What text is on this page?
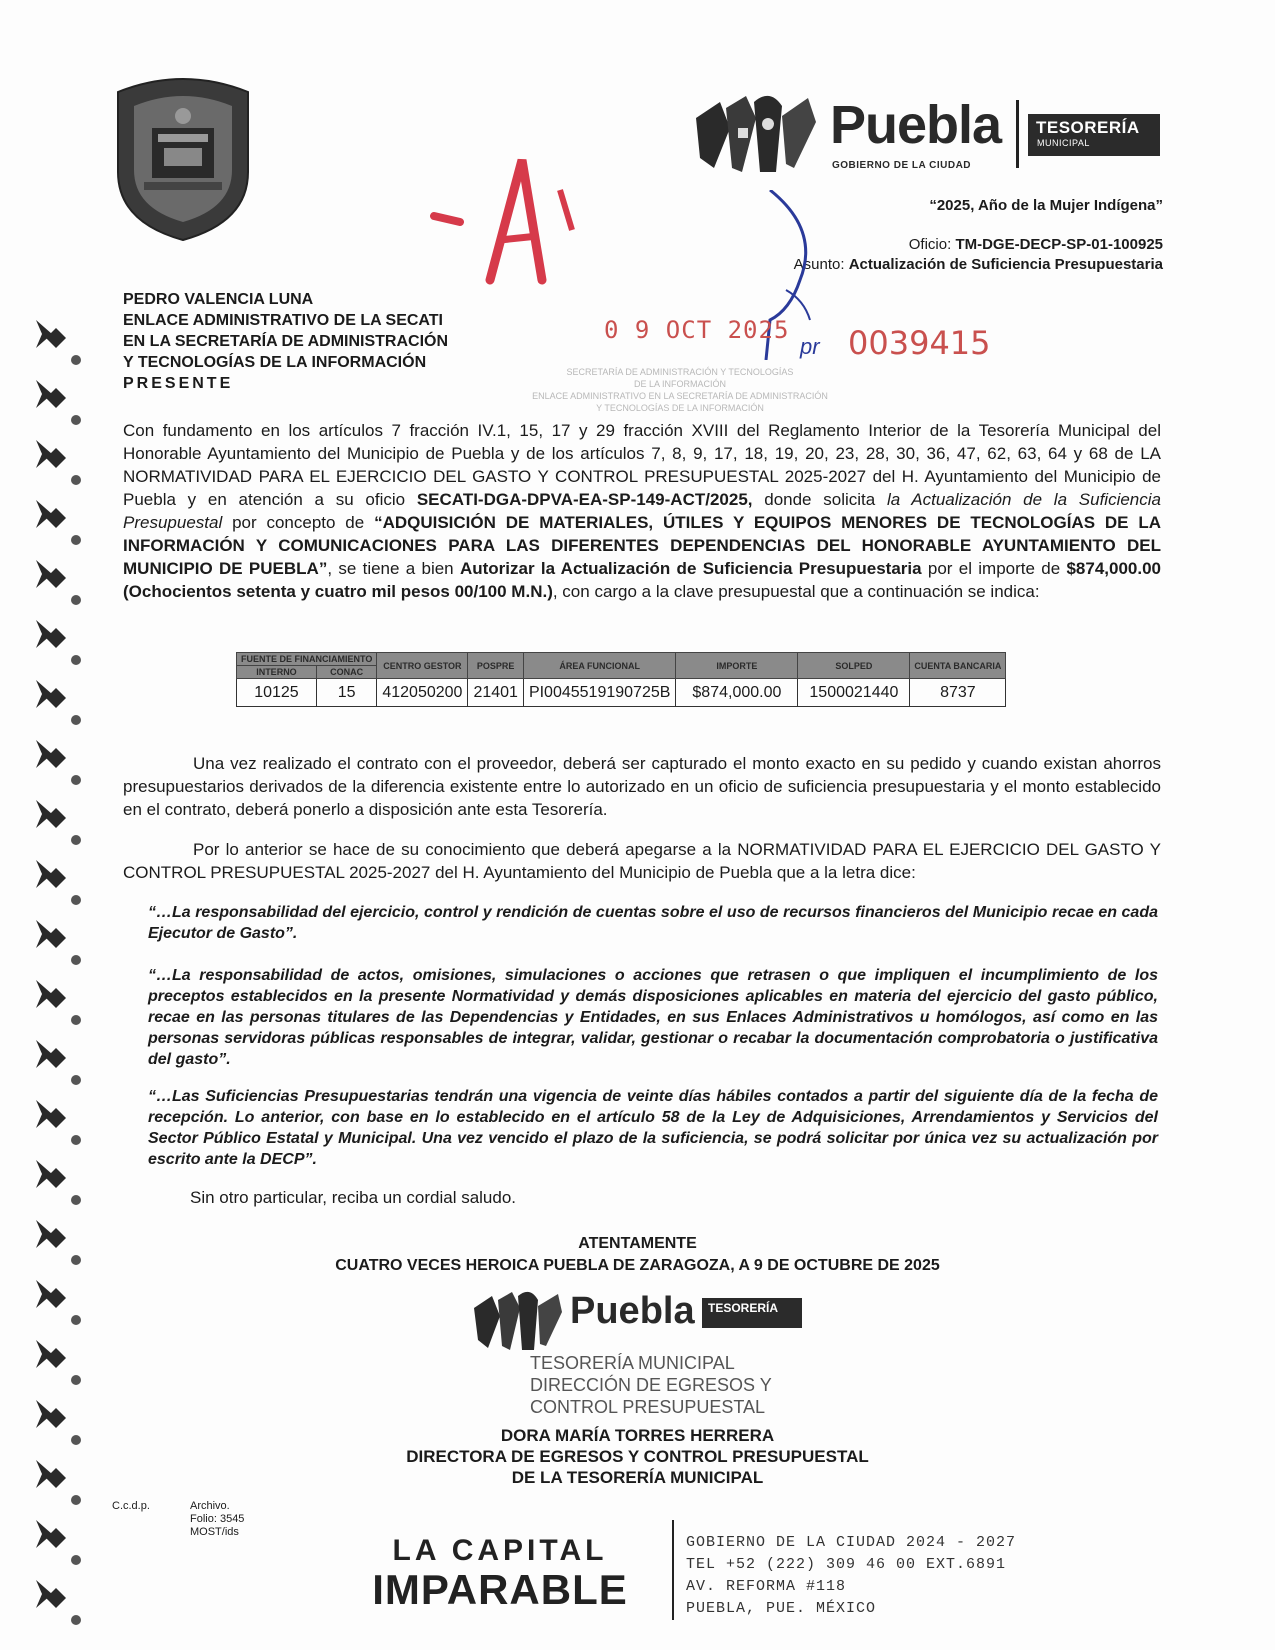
Puebla
GOBIERNO DE LA CIUDAD
TESORERÍA
MUNICIPAL
“2025, Año de la Mujer Indígena”
Oficio: TM-DGE-DECP-SP-01-100925
Asunto: Actualización de Suficiencia Presupuestaria
SECRETARÍA DE ADMINISTRACIÓN Y TECNOLOGÍAS
DE LA INFORMACIÓN
ENLACE ADMINISTRATIVO EN LA SECRETARÍA DE ADMINISTRACIÓN
Y TECNOLOGÍAS DE LA INFORMACIÓN
0 9 OCT 2025
pr 0039415
PEDRO VALENCIA LUNA
ENLACE ADMINISTRATIVO DE LA SECATI
EN LA SECRETARÍA DE ADMINISTRACIÓN
Y TECNOLOGÍAS DE LA INFORMACIÓN
PRESENTE

Con fundamento en los artículos 7 fracción IV.1, 15, 17 y 29 fracción XVIII del Reglamento Interior de la Tesorería Municipal del Honorable Ayuntamiento del Municipio de Puebla y de los artículos 7, 8, 9, 17, 18, 19, 20, 23, 28, 30, 36, 47, 62, 63, 64 y 68 de LA NORMATIVIDAD PARA EL EJERCICIO DEL GASTO Y CONTROL PRESUPUESTAL 2025-2027 del H. Ayuntamiento del Municipio de Puebla y en atención a su oficio SECATI-DGA-DPVA-EA-SP-149-ACT/2025, donde solicita la Actualización de la Suficiencia Presupuestal por concepto de “ADQUISICIÓN DE MATERIALES, ÚTILES Y EQUIPOS MENORES DE TECNOLOGÍAS DE LA INFORMACIÓN Y COMUNICACIONES PARA LAS DIFERENTES DEPENDENCIAS DEL HONORABLE AYUNTAMIENTO DEL MUNICIPIO DE PUEBLA”, se tiene a bien Autorizar la Actualización de Suficiencia Presupuestaria por el importe de $874,000.00 (Ochocientos setenta y cuatro mil pesos 00/100 M.N.), con cargo a la clave presupuestal que a continuación se indica:

FUENTE DE FINANCIAMIENTO		CENTRO GESTOR	POSPRE	ÁREA FUNCIONAL	IMPORTE	SOLPED	CUENTA BANCARIA
INTERNO	CONAC						
10125	15	412050200	21401	PI0045519190725B	$874,000.00	1500021440	8737

Una vez realizado el contrato con el proveedor, deberá ser capturado el monto exacto en su pedido y cuando existan ahorros presupuestarios derivados de la diferencia existente entre lo autorizado en un oficio de suficiencia presupuestaria y el monto establecido en el contrato, deberá ponerlo a disposición ante esta Tesorería.

Por lo anterior se hace de su conocimiento que deberá apegarse a la NORMATIVIDAD PARA EL EJERCICIO DEL GASTO Y CONTROL PRESUPUESTAL 2025-2027 del H. Ayuntamiento del Municipio de Puebla que a la letra dice:

“…La responsabilidad del ejercicio, control y rendición de cuentas sobre el uso de recursos financieros del Municipio recae en cada Ejecutor de Gasto”.

“…La responsabilidad de actos, omisiones, simulaciones o acciones que retrasen o que impliquen el incumplimiento de los preceptos establecidos en la presente Normatividad y demás disposiciones aplicables en materia del ejercicio del gasto público, recae en las personas titulares de las Dependencias y Entidades, en sus Enlaces Administrativos u homólogos, así como en las personas servidoras públicas responsables de integrar, validar, gestionar o recabar la documentación comprobatoria o justificativa del gasto”.

“…Las Suficiencias Presupuestarias tendrán una vigencia de veinte días hábiles contados a partir del siguiente día de la fecha de recepción. Lo anterior, con base en lo establecido en el artículo 58 de la Ley de Adquisiciones, Arrendamientos y Servicios del Sector Público Estatal y Municipal. Una vez vencido el plazo de la suficiencia, se podrá solicitar por única vez su actualización por escrito ante la DECP”.

Sin otro particular, reciba un cordial saludo.
ATENTAMENTE
CUATRO VECES HEROICA PUEBLA DE ZARAGOZA, A 9 DE OCTUBRE DE 2025
Puebla	TESORERÍA
TESORERÍA MUNICIPAL
DIRECCIÓN DE EGRESOS Y
CONTROL PRESUPUESTAL
DORA MARÍA TORRES HERRERA
DIRECTORA DE EGRESOS Y CONTROL PRESUPUESTAL
DE LA TESORERÍA MUNICIPAL
C.c.d.p.	Archivo.
Folio: 3545
MOST/ids
LA CAPITAL
IMPARABLE
GOBIERNO DE LA CIUDAD 2024 - 2027
TEL +52 (222) 309 46 00 EXT.6891
AV. REFORMA #118
PUEBLA, PUE. MÉXICO
